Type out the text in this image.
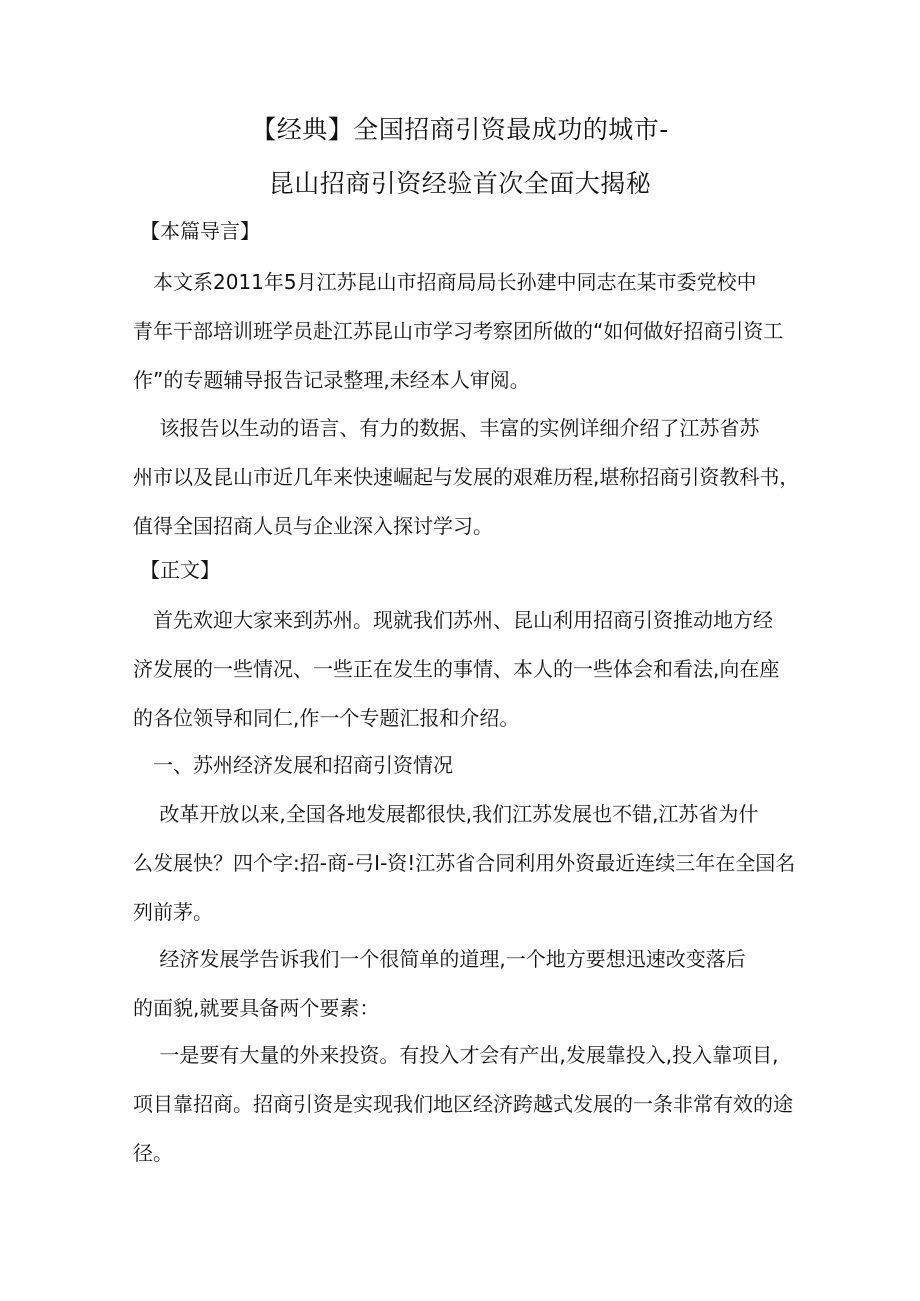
【经典】全国招商引资最成功的城市-
昆山招商引资经验首次全面大揭秘
【本篇导言】
　本文系2011年5月江苏昆山市招商局局长孙建中同志在某市委党校中
青年干部培训班学员赴江苏昆山市学习考察团所做的“如何做好招商引资工
作”的专题辅导报告记录整理,未经本人审阅。
　 该报告以生动的语言、有力的数据、丰富的实例详细介绍了江苏省苏
州市以及昆山市近几年来快速崛起与发展的艰难历程,堪称招商引资教科书，
值得全国招商人员与企业深入探讨学习。
【正文】
　首先欢迎大家来到苏州。现就我们苏州、昆山利用招商引资推动地方经
济发展的一些情况、一些正在发生的事情、本人的一些体会和看法,向在座
的各位领导和同仁,作一个专题汇报和介绍。
　一、苏州经济发展和招商引资情况
　 改革开放以来,全国各地发展都很快,我们江苏发展也不错,江苏省为什
么发展快？四个字:招-商-弓I-资!江苏省合同利用外资最近连续三年在全国名
列前茅。
　 经济发展学告诉我们一个很简单的道理,一个地方要想迅速改变落后
的面貌,就要具备两个要素：
　 一是要有大量的外来投资。有投入才会有产出,发展靠投入,投入靠项目,
项目靠招商。招商引资是实现我们地区经济跨越式发展的一条非常有效的途
径。
